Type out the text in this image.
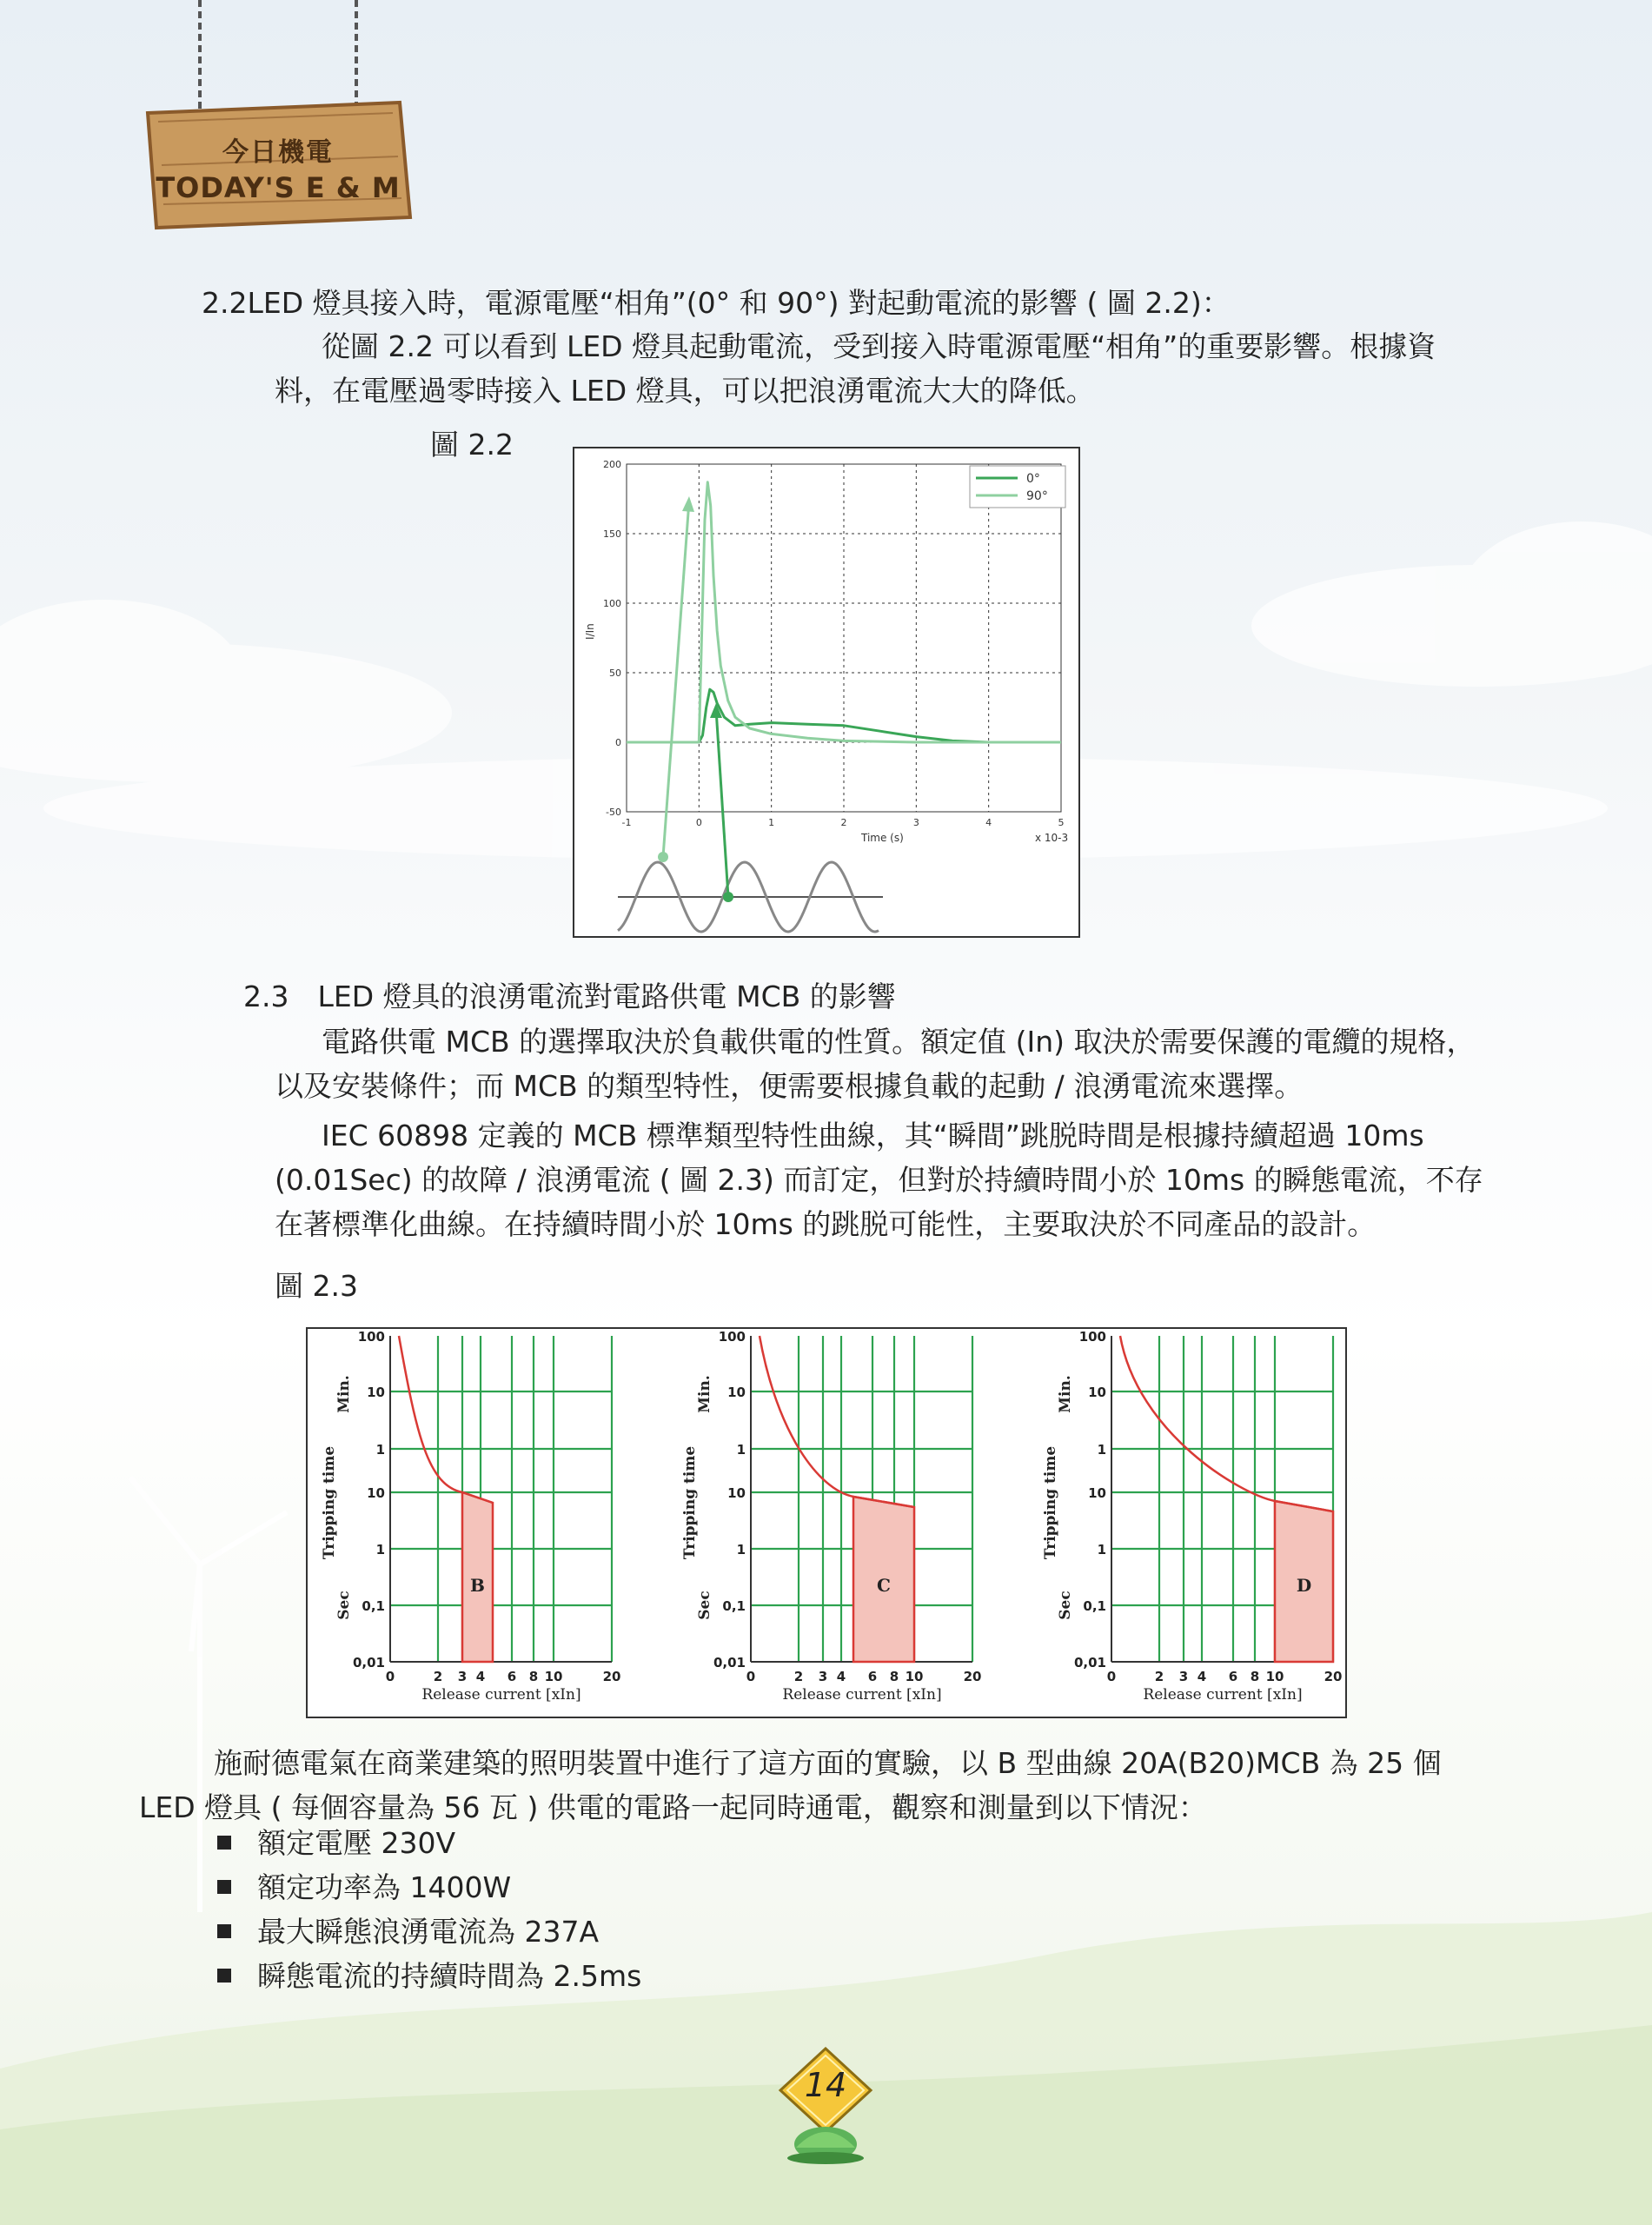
今日機電
TODAY'S E & M
2.2LED 燈具接入時，電源電壓“相角”(0° 和 90°) 對起動電流的影響 ( 圖 2.2)：
從圖 2.2 可以看到 LED 燈具起動電流，受到接入時電源電壓“相角”的重要影響。根據資
料，在電壓過零時接入 LED 燈具，可以把浪湧電流大大的降低。
圖 2.2
-1	0	1	2	3	4	5
200
150
100
50
0
-50
I/In
Time (s)	x 10-3
0°
90°
2.3　LED 燈具的浪湧電流對電路供電 MCB 的影響
電路供電 MCB 的選擇取決於負載供電的性質。額定值 (In) 取決於需要保護的電纜的規格，
以及安裝條件；而 MCB 的類型特性，便需要根據負載的起動 / 浪湧電流來選擇。
IEC 60898 定義的 MCB 標準類型特性曲線，其“瞬間”跳脱時間是根據持續超過 10ms
(0.01Sec) 的故障 / 浪湧電流 ( 圖 2.3) 而訂定，但對於持續時間小於 10ms 的瞬態電流，不存
在著標準化曲線。在持續時間小於 10ms 的跳脱可能性，主要取決於不同產品的設計。
圖 2.3
100
10
1
10
1
0,1
0,01
0	2 3 4 6 8 10	20
Release current [xIn]
Tripping time
Min.
Sec
B
100
10
1
10
1
0,1
0,01
0	2 3 4 6 8 10	20
Release current [xIn]
Tripping time
Min.
Sec
C
100
10
1
10
1
0,1
0,01
0	2 3 4 6 8 10	20
Release current [xIn]
Tripping time
Min.
Sec
D
施耐德電氣在商業建築的照明裝置中進行了這方面的實驗，以 B 型曲線 20A(B20)MCB 為 25 個
LED 燈具 ( 每個容量為 56 瓦 ) 供電的電路一起同時通電，觀察和測量到以下情況：
額定電壓 230V
額定功率為 1400W
最大瞬態浪湧電流為 237A
瞬態電流的持續時間為 2.5ms
14
